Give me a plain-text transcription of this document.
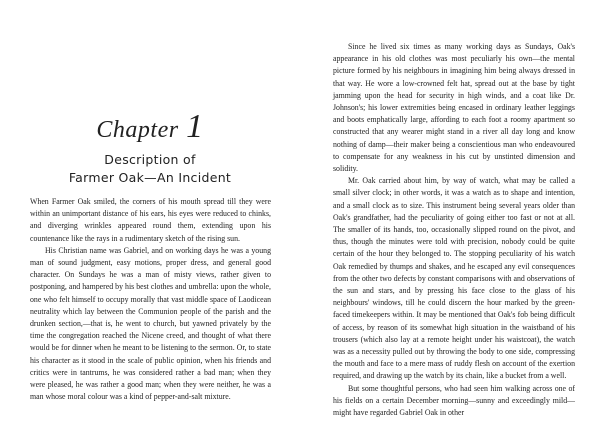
Chapter 1
Description of
Farmer Oak—An Incident

When Farmer Oak smiled, the corners of his mouth spread till they were within an unimportant distance of his ears, his eyes were reduced to chinks, and diverging wrinkles appeared round them, extending upon his countenance like the rays in a rudimentary sketch of the rising sun.

His Christian name was Gabriel, and on working days he was a young man of sound judgment, easy motions, proper dress, and general good character. On Sundays he was a man of misty views, rather given to postponing, and hampered by his best clothes and umbrella: upon the whole, one who felt himself to occupy morally that vast middle space of Laodicean neutrality which lay between the Communion people of the parish and the drunken section,—that is, he went to church, but yawned privately by the time the congregation reached the Nicene creed, and thought of what there would be for dinner when he meant to be listening to the sermon. Or, to state his character as it stood in the scale of public opinion, when his friends and critics were in tantrums, he was considered rather a bad man; when they were pleased, he was rather a good man; when they were neither, he was a man whose moral colour was a kind of pepper-and-salt mixture.

Since he lived six times as many working days as Sundays, Oak's appearance in his old clothes was most peculiarly his own—the mental picture formed by his neighbours in imagining him being always dressed in that way. He wore a low-crowned felt hat, spread out at the base by tight jamming upon the head for security in high winds, and a coat like Dr. Johnson's; his lower extremities being encased in ordinary leather leggings and boots emphatically large, affording to each foot a roomy apartment so constructed that any wearer might stand in a river all day long and know nothing of damp—their maker being a conscientious man who endeavoured to compensate for any weakness in his cut by unstinted dimension and solidity.

Mr. Oak carried about him, by way of watch, what may be called a small silver clock; in other words, it was a watch as to shape and intention, and a small clock as to size. This instrument being several years older than Oak's grandfather, had the peculiarity of going either too fast or not at all. The smaller of its hands, too, occasionally slipped round on the pivot, and thus, though the minutes were told with precision, nobody could be quite certain of the hour they belonged to. The stopping peculiarity of his watch Oak remedied by thumps and shakes, and he escaped any evil consequences from the other two defects by constant comparisons with and observations of the sun and stars, and by pressing his face close to the glass of his neighbours' windows, till he could discern the hour marked by the green-faced timekeepers within. It may be mentioned that Oak's fob being difficult of access, by reason of its somewhat high situation in the waistband of his trousers (which also lay at a remote height under his waistcoat), the watch was as a necessity pulled out by throwing the body to one side, compressing the mouth and face to a mere mass of ruddy flesh on account of the exertion required, and drawing up the watch by its chain, like a bucket from a well.

But some thoughtful persons, who had seen him walking across one of his fields on a certain December morning—sunny and exceedingly mild—might have regarded Gabriel Oak in other
